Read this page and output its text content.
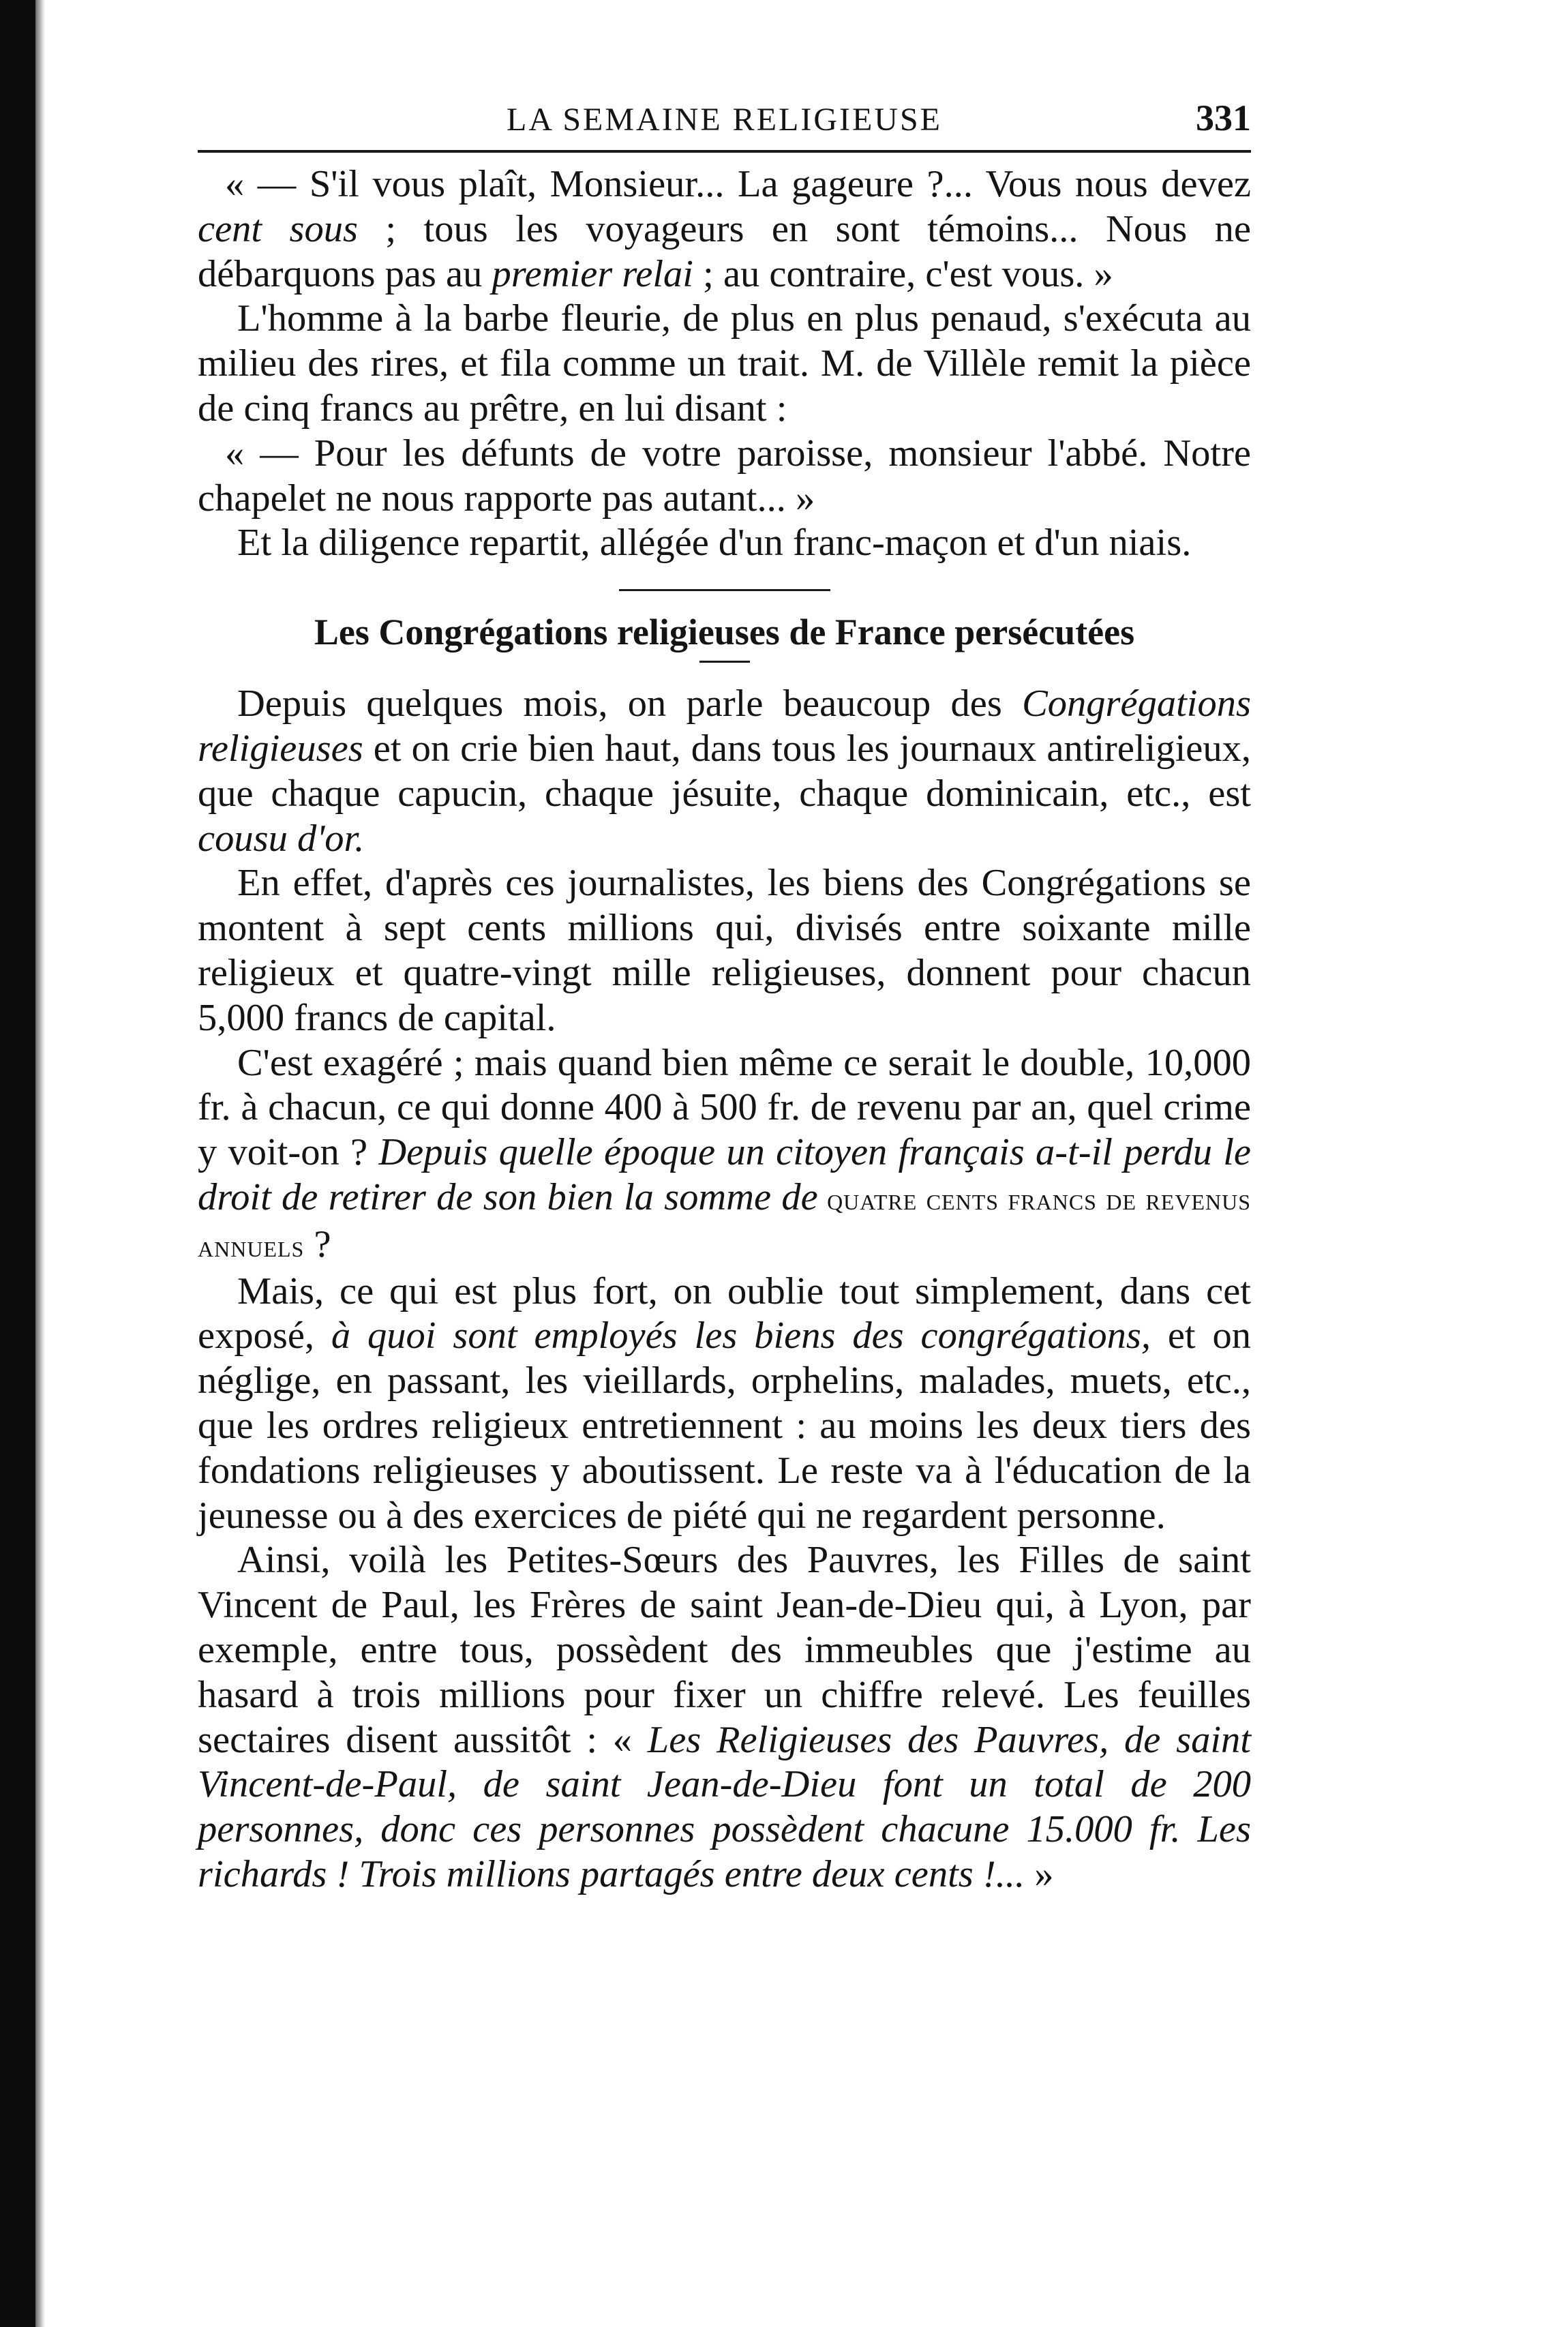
LA SEMAINE RELIGIEUSE	331

« — S'il vous plaît, Monsieur... La gageure ?... Vous nous devez cent sous ; tous les voyageurs en sont témoins... Nous ne débarquons pas au premier relai ; au contraire, c'est vous. »

L'homme à la barbe fleurie, de plus en plus penaud, s'exécuta au milieu des rires, et fila comme un trait. M. de Villèle remit la pièce de cinq francs au prêtre, en lui disant :

« — Pour les défunts de votre paroisse, monsieur l'abbé. Notre chapelet ne nous rapporte pas autant... »

Et la diligence repartit, allégée d'un franc-maçon et d'un niais.

Les Congrégations religieuses de France persécutées

Depuis quelques mois, on parle beaucoup des Congrégations religieuses et on crie bien haut, dans tous les journaux antireligieux, que chaque capucin, chaque jésuite, chaque dominicain, etc., est cousu d'or.

En effet, d'après ces journalistes, les biens des Congrégations se montent à sept cents millions qui, divisés entre soixante mille religieux et quatre-vingt mille religieuses, donnent pour chacun 5,000 francs de capital.

C'est exagéré ; mais quand bien même ce serait le double, 10,000 fr. à chacun, ce qui donne 400 à 500 fr. de revenu par an, quel crime y voit-on ? Depuis quelle époque un citoyen français a-t-il perdu le droit de retirer de son bien la somme de quatre cents francs de revenus annuels ?

Mais, ce qui est plus fort, on oublie tout simplement, dans cet exposé, à quoi sont employés les biens des congrégations, et on néglige, en passant, les vieillards, orphelins, malades, muets, etc., que les ordres religieux entretiennent : au moins les deux tiers des fondations religieuses y aboutissent. Le reste va à l'éducation de la jeunesse ou à des exercices de piété qui ne regardent personne.

Ainsi, voilà les Petites-Sœurs des Pauvres, les Filles de saint Vincent de Paul, les Frères de saint Jean-de-Dieu qui, à Lyon, par exemple, entre tous, possèdent des immeubles que j'estime au hasard à trois millions pour fixer un chiffre relevé. Les feuilles sectaires disent aussitôt : « Les Religieuses des Pauvres, de saint Vincent-de-Paul, de saint Jean-de-Dieu font un total de 200 personnes, donc ces personnes possèdent chacune 15.000 fr. Les richards ! Trois millions partagés entre deux cents !... »
